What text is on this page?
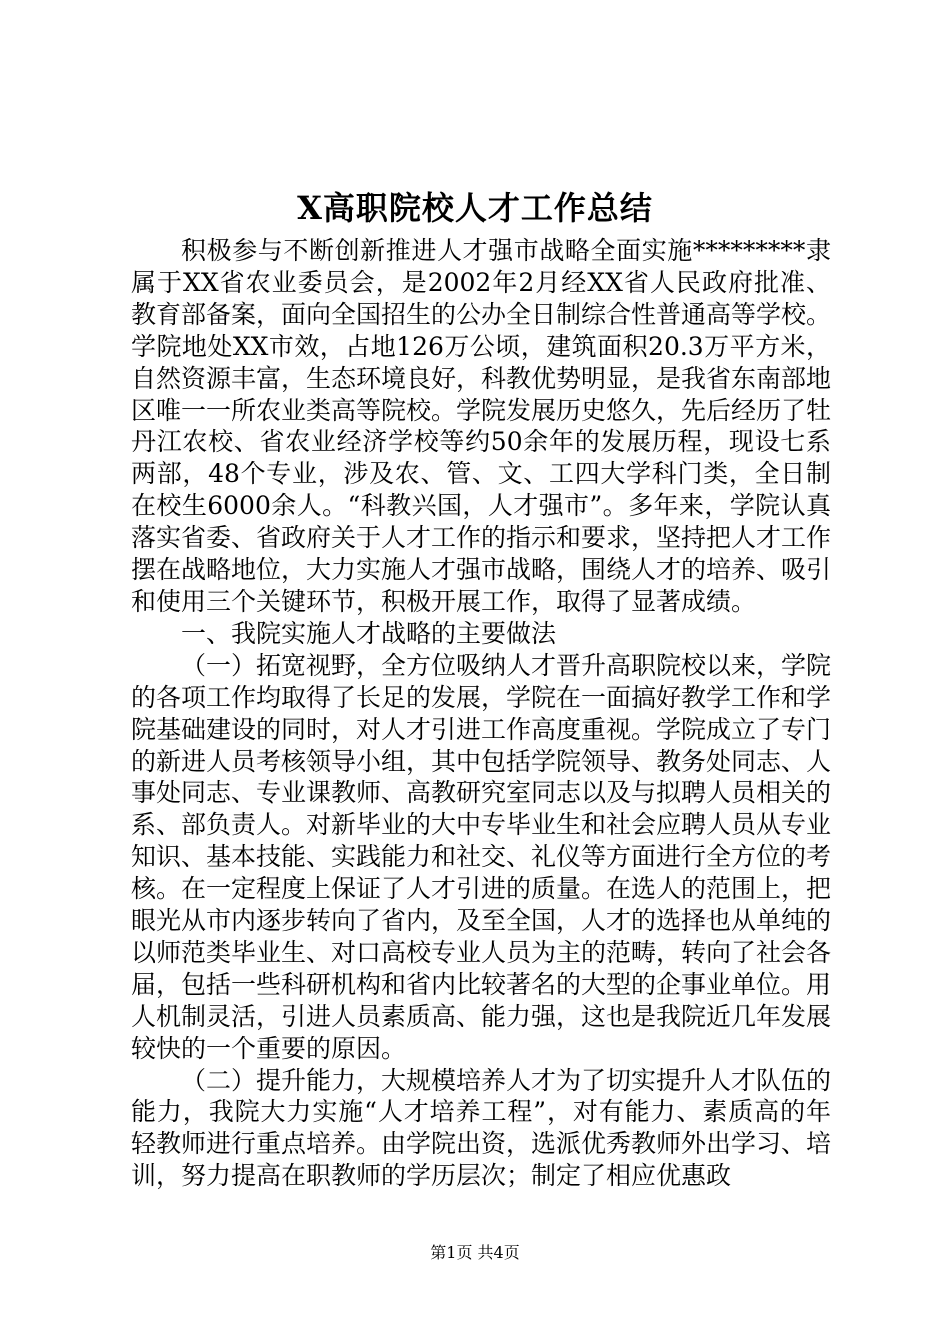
X高职院校人才工作总结

积极参与不断创新推进人才强市战略全面实施*********隶属于XX省农业委员会，是2002年2月经XX省人民政府批准、教育部备案，面向全国招生的公办全日制综合性普通高等学校。学院地处XX市效，占地126万公顷，建筑面积20.3万平方米，自然资源丰富，生态环境良好，科教优势明显，是我省东南部地区唯一一所农业类高等院校。学院发展历史悠久，先后经历了牡丹江农校、省农业经济学校等约50余年的发展历程，现设七系两部，48个专业，涉及农、管、文、工四大学科门类，全日制在校生6000余人。“科教兴国，人才强市”。多年来，学院认真落实省委、省政府关于人才工作的指示和要求，坚持把人才工作摆在战略地位，大力实施人才强市战略，围绕人才的培养、吸引和使用三个关键环节，积极开展工作，取得了显著成绩。

一、我院实施人才战略的主要做法

（一）拓宽视野，全方位吸纳人才晋升高职院校以来，学院的各项工作均取得了长足的发展，学院在一面搞好教学工作和学院基础建设的同时，对人才引进工作高度重视。学院成立了专门的新进人员考核领导小组，其中包括学院领导、教务处同志、人事处同志、专业课教师、高教研究室同志以及与拟聘人员相关的系、部负责人。对新毕业的大中专毕业生和社会应聘人员从专业知识、基本技能、实践能力和社交、礼仪等方面进行全方位的考核。在一定程度上保证了人才引进的质量。在选人的范围上，把眼光从市内逐步转向了省内，及至全国，人才的选择也从单纯的以师范类毕业生、对口高校专业人员为主的范畴，转向了社会各届，包括一些科研机构和省内比较著名的大型的企事业单位。用人机制灵活，引进人员素质高、能力强，这也是我院近几年发展较快的一个重要的原因。

（二）提升能力，大规模培养人才为了切实提升人才队伍的能力，我院大力实施“人才培养工程”，对有能力、素质高的年轻教师进行重点培养。由学院出资，选派优秀教师外出学习、培训，努力提高在职教师的学历层次；制定了相应优惠政

第1页 共4页
